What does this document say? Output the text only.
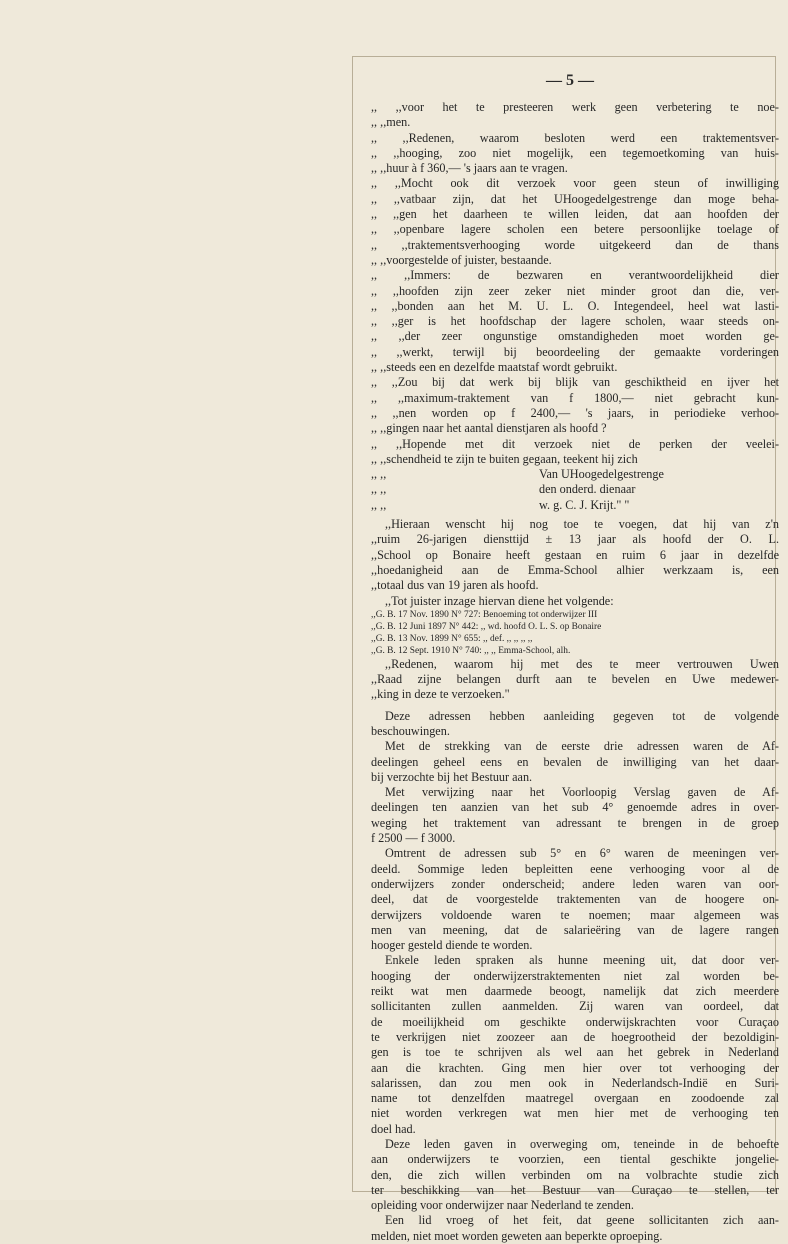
— 5 —
,, ,,voor het te presteeren werk geen verbetering te noe-
,, ,,men.
,, ,,Redenen, waarom besloten werd een traktementsver-
,, ,,hooging, zoo niet mogelijk, een tegemoetkoming van huis-
,, ,,huur à f 360,— 's jaars aan te vragen.
,, ,,Mocht ook dit verzoek voor geen steun of inwilliging
,, ,,vatbaar zijn, dat het UHoogedelgestrenge dan moge beha-
,, ,,gen het daarheen te willen leiden, dat aan hoofden der
,, ,,openbare lagere scholen een betere persoonlijke toelage of
,, ,,traktementsverhooging worde uitgekeerd dan de thans
,, ,,voorgestelde of juister, bestaande.
,, ,,Immers: de bezwaren en verantwoordelijkheid dier
,, ,,hoofden zijn zeer zeker niet minder groot dan die, ver-
,, ,,bonden aan het M. U. L. O. Integendeel, heel wat lasti-
,, ,,ger is het hoofdschap der lagere scholen, waar steeds on-
,, ,,der zeer ongunstige omstandigheden moet worden ge-
,, ,,werkt, terwijl bij beoordeeling der gemaakte vorderingen
,, ,,steeds een en dezelfde maatstaf wordt gebruikt.
,, ,,Zou bij dat werk bij blijk van geschiktheid en ijver het
,, ,,maximum-traktement van f 1800,— niet gebracht kun-
,, ,,nen worden op f 2400,— 's jaars, in periodieke verhoo-
,, ,,gingen naar het aantal dienstjaren als hoofd ?
,, ,,Hopende met dit verzoek niet de perken der veelei-
,, ,,schendheid te zijn te buiten gegaan, teekent hij zich
,, ,,	Van UHoogedelgestrenge
,, ,,	den onderd. dienaar
,, ,,	w. g. C. J. Krijt." "
,,Hieraan wenscht hij nog toe te voegen, dat hij van z'n
,,ruim 26-jarigen diensttijd ± 13 jaar als hoofd der O. L.
,,School op Bonaire heeft gestaan en ruim 6 jaar in dezelfde
,,hoedanigheid aan de Emma-School alhier werkzaam is, een
,,totaal dus van 19 jaren als hoofd.
,,Tot juister inzage hiervan diene het volgende:
,,G. B. 17 Nov. 1890 N° 727: Benoeming tot onderwijzer III
,,G. B. 12 Juni 1897 N° 442: ,, wd. hoofd O. L. S. op Bonaire
,,G. B. 13 Nov. 1899 N° 655: ,, def. ,, ,, ,, ,,
,,G. B. 12 Sept. 1910 N° 740: ,, ,, Emma-School, alh.
,,Redenen, waarom hij met des te meer vertrouwen Uwen
,,Raad zijne belangen durft aan te bevelen en Uwe medewer-
,,king in deze te verzoeken."
Deze adressen hebben aanleiding gegeven tot de volgende
beschouwingen.
Met de strekking van de eerste drie adressen waren de Af-
deelingen geheel eens en bevalen de inwilliging van het daar-
bij verzochte bij het Bestuur aan.
Met verwijzing naar het Voorloopig Verslag gaven de Af-
deelingen ten aanzien van het sub 4° genoemde adres in over-
weging het traktement van adressant te brengen in de groep
f 2500 — f 3000.
Omtrent de adressen sub 5° en 6° waren de meeningen ver-
deeld. Sommige leden bepleitten eene verhooging voor al de
onderwijzers zonder onderscheid; andere leden waren van oor-
deel, dat de voorgestelde traktementen van de hoogere on-
derwijzers voldoende waren te noemen; maar algemeen was
men van meening, dat de salarieëring van de lagere rangen
hooger gesteld diende te worden.
Enkele leden spraken als hunne meening uit, dat door ver-
hooging der onderwijzerstraktementen niet zal worden be-
reikt wat men daarmede beoogt, namelijk dat zich meerdere
sollicitanten zullen aanmelden. Zij waren van oordeel, dat
de moeilijkheid om geschikte onderwijskrachten voor Curaçao
te verkrijgen niet zoozeer aan de hoegrootheid der bezoldigin-
gen is toe te schrijven als wel aan het gebrek in Nederland
aan die krachten. Ging men hier over tot verhooging der
salarissen, dan zou men ook in Nederlandsch-Indië en Suri-
name tot denzelfden maatregel overgaan en zoodoende zal
niet worden verkregen wat men hier met de verhooging ten
doel had.
Deze leden gaven in overweging om, teneinde in de behoefte
aan onderwijzers te voorzien, een tiental geschikte jongelie-
den, die zich willen verbinden om na volbrachte studie zich
ter beschikking van het Bestuur van Curaçao te stellen, ter
opleiding voor onderwijzer naar Nederland te zenden.
Een lid vroeg of het feit, dat geene sollicitanten zich aan-
melden, niet moet worden geweten aan beperkte oproeping.
